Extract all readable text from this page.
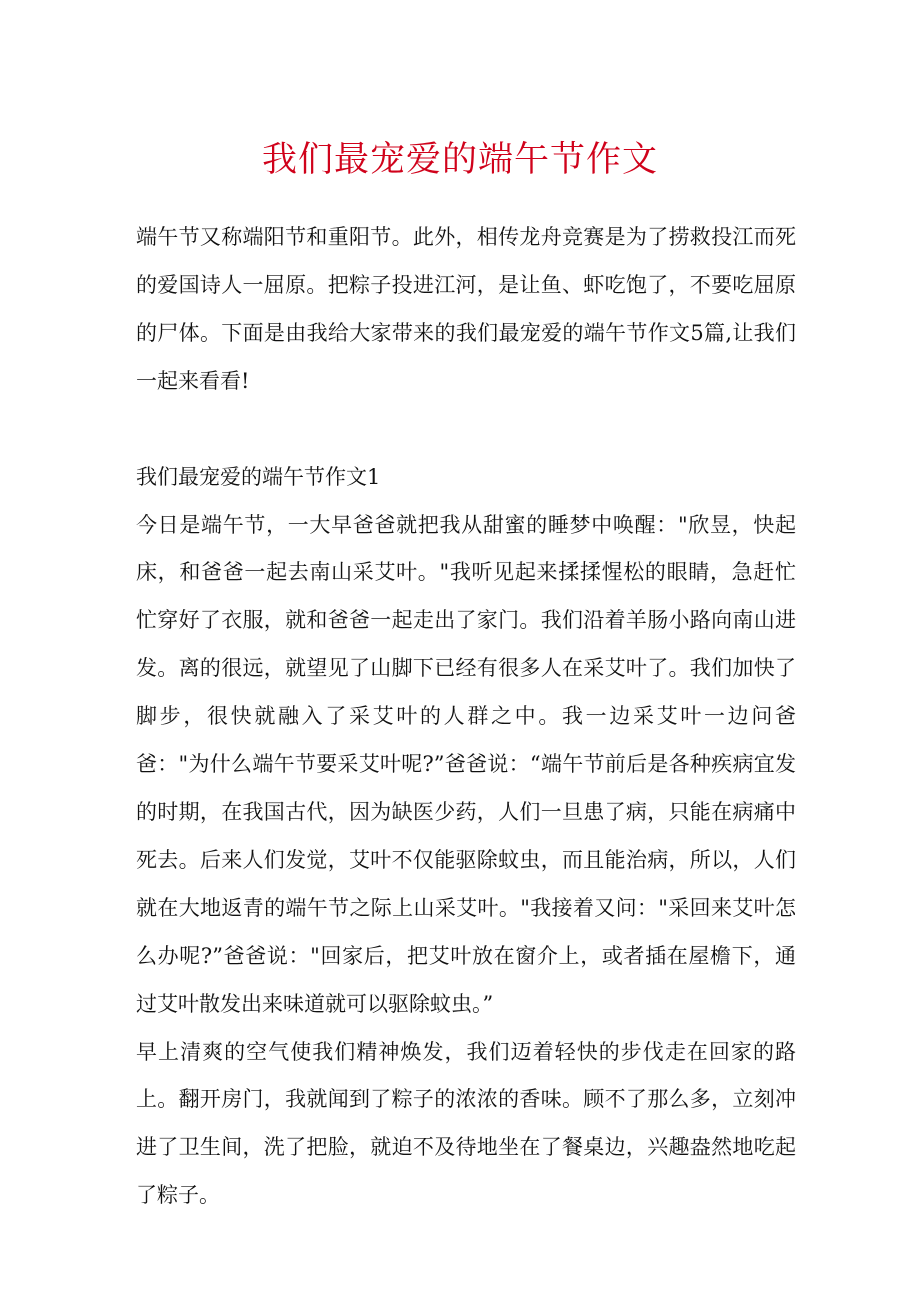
我们最宠爱的端午节作文

端午节又称端阳节和重阳节。此外，相传龙舟竞赛是为了捞救投江而死的爱国诗人一屈原。把粽子投进江河，是让鱼、虾吃饱了，不要吃屈原的尸体。下面是由我给大家带来的我们最宠爱的端午节作文5篇,让我们一起来看看!

我们最宠爱的端午节作文1

今日是端午节，一大早爸爸就把我从甜蜜的睡梦中唤醒："欣昱，快起床，和爸爸一起去南山采艾叶。"我听见起来揉揉惺松的眼睛，急赶忙忙穿好了衣服，就和爸爸一起走出了家门。我们沿着羊肠小路向南山进发。离的很远，就望见了山脚下已经有很多人在采艾叶了。我们加快了脚步，很快就融入了采艾叶的人群之中。我一边采艾叶一边问爸爸："为什么端午节要采艾叶呢?”爸爸说：“端午节前后是各种疾病宜发的时期，在我国古代，因为缺医少药，人们一旦患了病，只能在病痛中死去。后来人们发觉，艾叶不仅能驱除蚊虫，而且能治病，所以，人们就在大地返青的端午节之际上山采艾叶。"我接着又问："采回来艾叶怎么办呢?”爸爸说："回家后，把艾叶放在窗介上，或者插在屋檐下，通过艾叶散发出来味道就可以驱除蚊虫。”

早上清爽的空气使我们精神焕发，我们迈着轻快的步伐走在回家的路上。翻开房门，我就闻到了粽子的浓浓的香味。顾不了那么多，立刻冲进了卫生间，洗了把脸，就迫不及待地坐在了餐桌边，兴趣盎然地吃起了粽子。
